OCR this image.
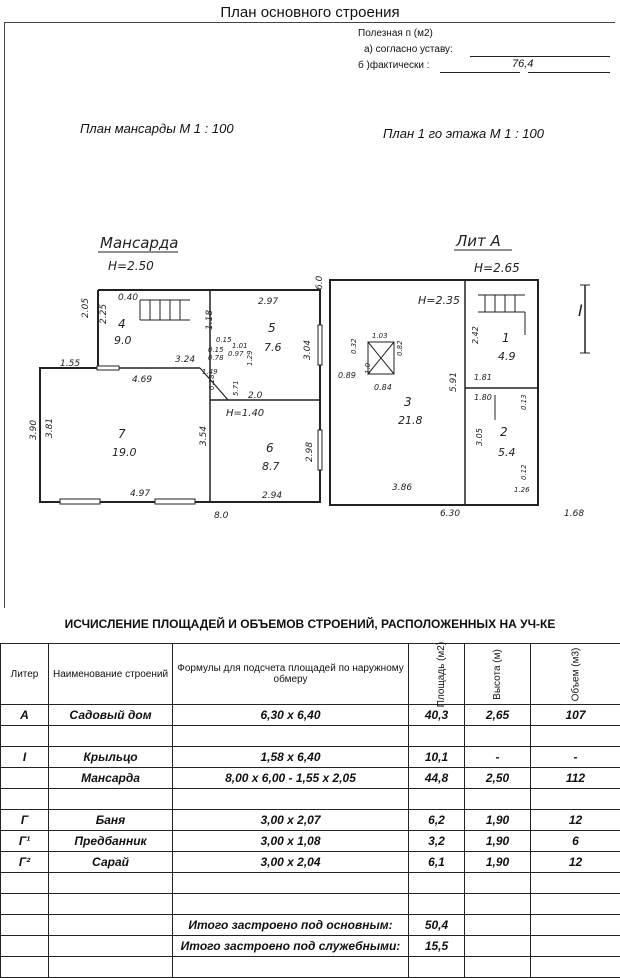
План основного строения
Полезная п (м2)
а) согласно уставу:
б )фактически :	76,4
План мансарды М 1 : 100	План 1 го этажа М 1 : 100
Мансарда
H=2.50
0.40
2.05 2.25 4
9.0
1.55	3.24
4.69
3.90 3.81	7
19.0
4.97
8.0
2.97
1.18	5
7.6
0.15
1.01
0.15 0.97
0.78	1.29
1.49
0.18 5.71 2.0
3.04
H=1.40
3.54
6
8.7
2.98
2.94
Лит А
H=2.65
6.0
H=2.35
1.03
0.32
1.0
0.89
0.82
0.84
3
21.8
3.86
5.91
6.30
1
4.9
2.42
1.81
1.80
2
5.4
3.05
0.13
0.12
1.26
1.68
I
ИСЧИСЛЕНИЕ ПЛОЩАДЕЙ И ОБЪЕМОВ СТРОЕНИЙ, РАСПОЛОЖЕННЫХ НА УЧ-КЕ
Литер	Наименование строений	Формулы для подсчета площадей по наружному обмеру	Площадь (м2)	Высота (м)	Объем (м3)
А	Садовый дом	6,30 х 6,40	40,3	2,65	107

I	Крыльцо	1,58 х 6,40	10,1	-	-
	Мансарда	8,00 х 6,00 - 1,55 х 2,05	44,8	2,50	112

Г	Баня	3,00 х 2,07	6,2	1,90	12
Г¹	Предбанник	3,00 х 1,08	3,2	1,90	6
Г²	Сарай	3,00 х 2,04	6,1	1,90	12

		Итого застроено под основным:	50,4		
		Итого застроено под служебными:	15,5		
